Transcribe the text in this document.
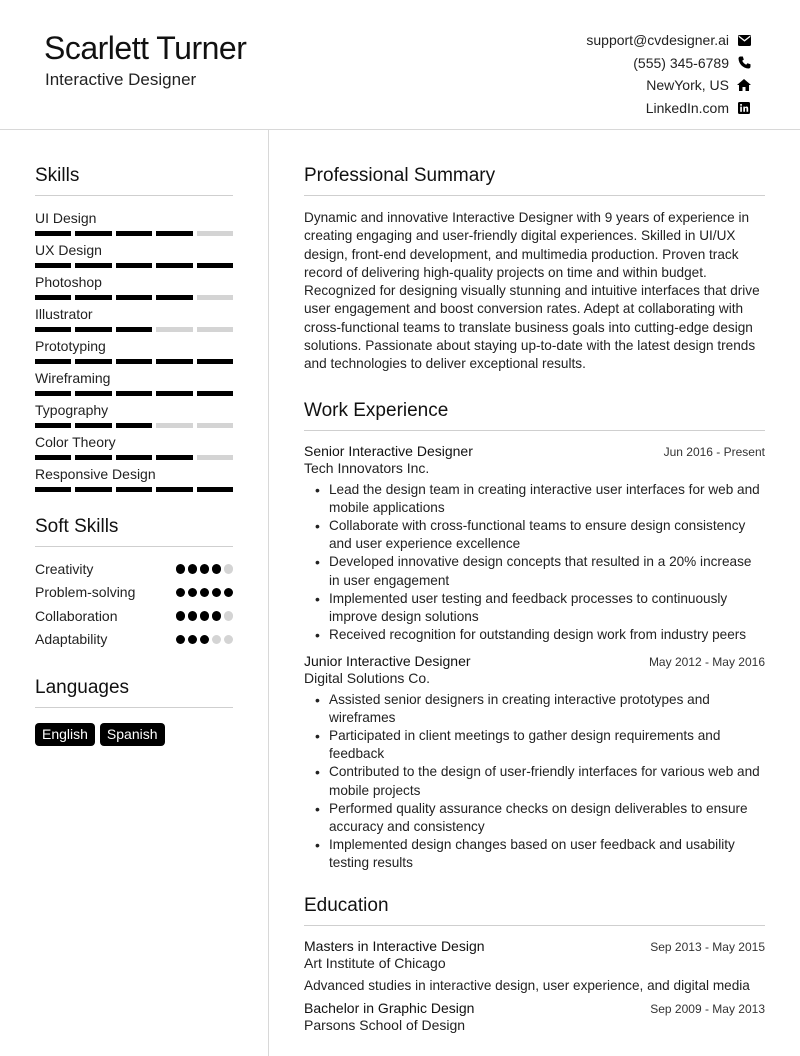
Scarlett Turner
Interactive Designer
support@cvdesigner.ai
(555) 345-6789
NewYork, US
LinkedIn.com
Skills
UI Design
UX Design
Photoshop
Illustrator
Prototyping
Wireframing
Typography
Color Theory
Responsive Design
Soft Skills
Creativity
Problem-solving
Collaboration
Adaptability
Languages
English	Spanish
Professional Summary

Dynamic and innovative Interactive Designer with 9 years of experience in creating engaging and user-friendly digital experiences. Skilled in UI/UX design, front-end development, and multimedia production. Proven track record of delivering high-quality projects on time and within budget. Recognized for designing visually stunning and intuitive interfaces that drive user engagement and boost conversion rates. Adept at collaborating with cross-functional teams to translate business goals into cutting-edge design solutions. Passionate about staying up-to-date with the latest design trends and technologies to deliver exceptional results.

Work Experience
Senior Interactive Designer	Jun 2016 - Present
Tech Innovators Inc.
• Lead the design team in creating interactive user interfaces for web and mobile applications
• Collaborate with cross-functional teams to ensure design consistency and user experience excellence
• Developed innovative design concepts that resulted in a 20% increase in user engagement
• Implemented user testing and feedback processes to continuously improve design solutions
• Received recognition for outstanding design work from industry peers
Junior Interactive Designer	May 2012 - May 2016
Digital Solutions Co.
• Assisted senior designers in creating interactive prototypes and wireframes
• Participated in client meetings to gather design requirements and feedback
• Contributed to the design of user-friendly interfaces for various web and mobile projects
• Performed quality assurance checks on design deliverables to ensure accuracy and consistency
• Implemented design changes based on user feedback and usability testing results
Education
Masters in Interactive Design	Sep 2013 - May 2015
Art Institute of Chicago
Advanced studies in interactive design, user experience, and digital media
Bachelor in Graphic Design	Sep 2009 - May 2013
Parsons School of Design
